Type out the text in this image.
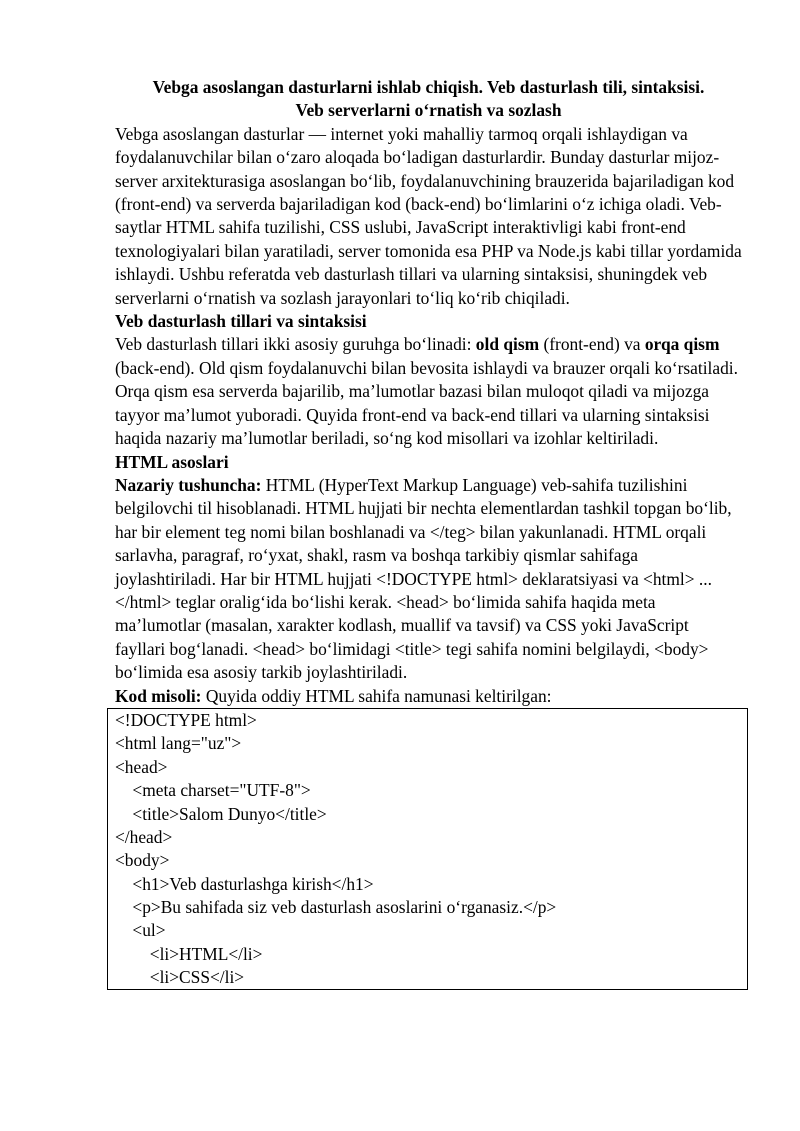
Vebga asoslangan dasturlarni ishlab chiqish. Veb dasturlash tili, sintaksisi.
Veb serverlarni o‘rnatish va sozlash

Vebga asoslangan dasturlar — internet yoki mahalliy tarmoq orqali ishlaydigan va foydalanuvchilar bilan o‘zaro aloqada bo‘ladigan dasturlardir. Bunday dasturlar mijoz-server arxitekturasiga asoslangan bo‘lib, foydalanuvchining brauzerida bajariladigan kod (front-end) va serverda bajariladigan kod (back-end) bo‘limlarini o‘z ichiga oladi. Veb-saytlar HTML sahifa tuzilishi, CSS uslubi, JavaScript interaktivligi kabi front-end texnologiyalari bilan yaratiladi, server tomonida esa PHP va Node.js kabi tillar yordamida ishlaydi. Ushbu referatda veb dasturlash tillari va ularning sintaksisi, shuningdek veb serverlarni o‘rnatish va sozlash jarayonlari to‘liq ko‘rib chiqiladi.

Veb dasturlash tillari va sintaksisi

Veb dasturlash tillari ikki asosiy guruhga bo‘linadi: old qism (front-end) va orqa qism (back-end). Old qism foydalanuvchi bilan bevosita ishlaydi va brauzer orqali ko‘rsatiladi. Orqa qism esa serverda bajarilib, ma’lumotlar bazasi bilan muloqot qiladi va mijozga tayyor ma’lumot yuboradi. Quyida front-end va back-end tillari va ularning sintaksisi haqida nazariy ma’lumotlar beriladi, so‘ng kod misollari va izohlar keltiriladi.

HTML asoslari

Nazariy tushuncha: HTML (HyperText Markup Language) veb-sahifa tuzilishini belgilovchi til hisoblanadi. HTML hujjati bir nechta elementlardan tashkil topgan bo‘lib, har bir element teg nomi bilan boshlanadi va </teg> bilan yakunlanadi. HTML orqali sarlavha, paragraf, ro‘yxat, shakl, rasm va boshqa tarkibiy qismlar sahifaga joylashtiriladi. Har bir HTML hujjati <!DOCTYPE html> deklaratsiyasi va <html> ... </html> teglar oralig‘ida bo‘lishi kerak. <head> bo‘limida sahifa haqida meta ma’lumotlar (masalan, xarakter kodlash, muallif va tavsif) va CSS yoki JavaScript fayllari bog‘lanadi. <head> bo‘limidagi <title> tegi sahifa nomini belgilaydi, <body> bo‘limida esa asosiy tarkib joylashtiriladi.

Kod misoli: Quyida oddiy HTML sahifa namunasi keltirilgan:

<!DOCTYPE html>
<html lang="uz">
<head>
<meta charset="UTF-8">
<title>Salom Dunyo</title>
</head>
<body>
<h1>Veb dasturlashga kirish</h1>
<p>Bu sahifada siz veb dasturlash asoslarini o‘rganasiz.</p>
<ul>
<li>HTML</li>
<li>CSS</li>
